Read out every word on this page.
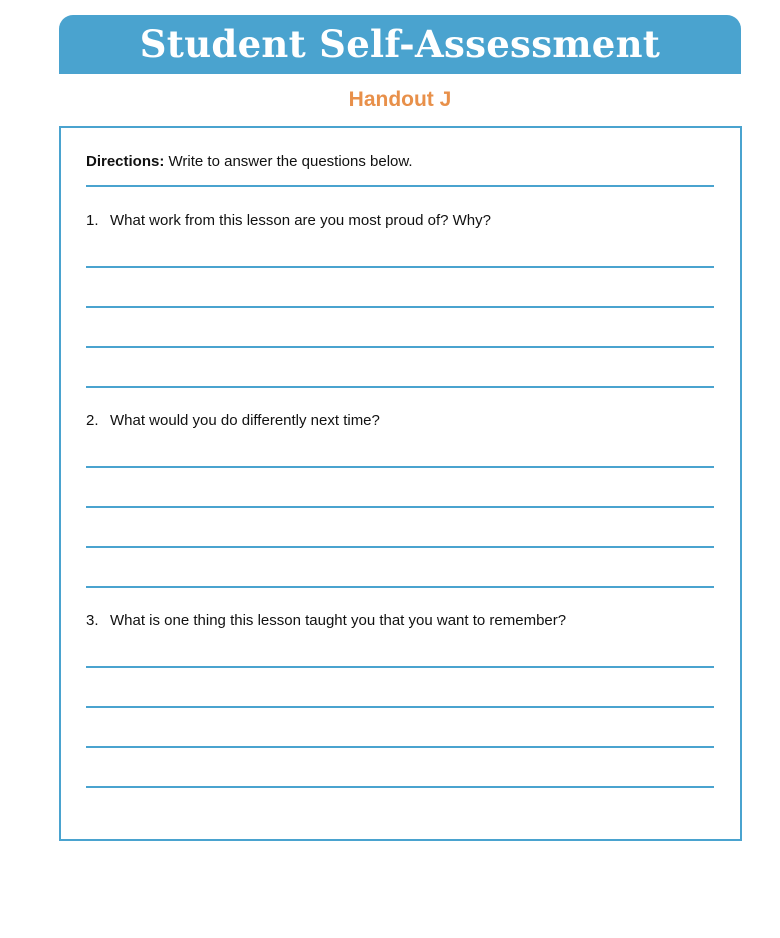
Student Self-Assessment
Handout J
Directions: Write to answer the questions below.
1. What work from this lesson are you most proud of? Why?
2. What would you do differently next time?
3. What is one thing this lesson taught you that you want to remember?
